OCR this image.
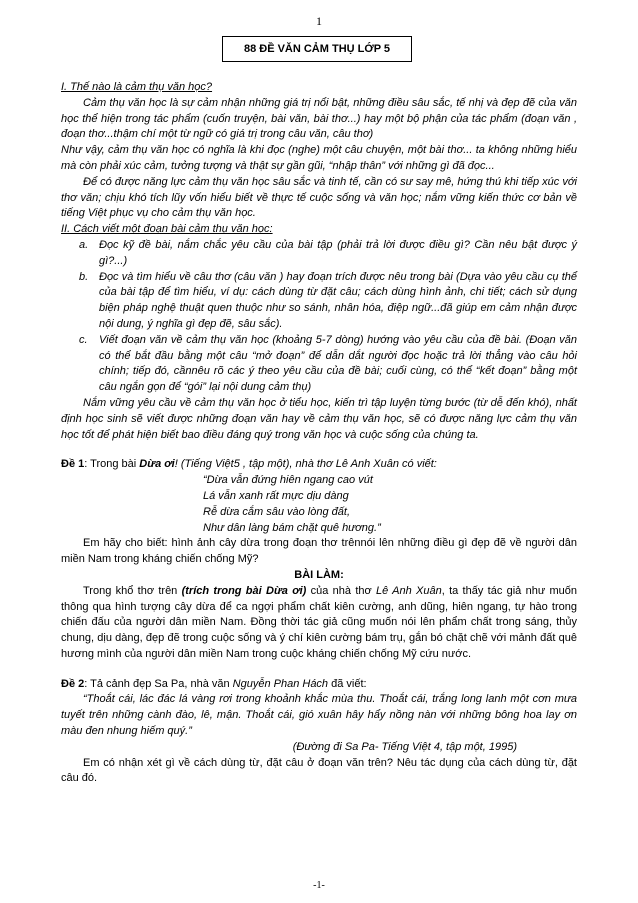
1
88 ĐỀ VĂN CẢM THỤ LỚP 5

I. Thế nào là cảm thụ văn học?

Cảm thụ văn học là sự cảm nhận những giá trị nổi bật, những điều sâu sắc, tế nhị và đẹp đẽ của văn học thể hiện trong tác phẩm (cuốn truyện, bài văn, bài thơ...) hay một bộ phận của tác phẩm (đoạn văn , đoạn thơ...thậm chí một từ ngữ có giá trị trong câu văn, câu thơ)

Như vậy, cảm thụ văn học có nghĩa là khi đọc (nghe) một câu chuyện, một bài thơ... ta không những hiểu mà còn phải xúc cảm, tưởng tượng và thật sự gần gũi, “nhập thân” với những gì đã đọc...

Để có được năng lực cảm thụ văn học sâu sắc và tinh tế, cần có sư say mê, hứng thú khi tiếp xúc với thơ văn; chịu khó tích lũy vốn hiểu biết về thực tế cuộc sống và văn học; nắm vững kiến thức cơ bản về tiếng Việt phục vụ cho cảm thụ văn học.

II. Cách viết một đoạn bài cảm thụ văn học:

a. Đọc kỹ đề bài, nắm chắc yêu cầu của bài tập (phải trả lời được điều gì? Cần nêu bật được ý gì?...)
b. Đọc và tìm hiểu về câu thơ (câu văn ) hay đoạn trích được nêu trong bài (Dựa vào yêu cầu cụ thể của bài tập để tìm hiểu, ví dụ: cách dùng từ đặt câu; cách dùng hình ảnh, chi tiết; cách sử dụng biện pháp nghệ thuật quen thuộc như so sánh, nhân hóa, điệp ngữ...đã giúp em cảm nhận được nội dung, ý nghĩa gì đẹp đẽ, sâu sắc).
c. Viết đoạn văn về cảm thụ văn học (khoảng 5-7 dòng) hướng vào yêu cầu của đề bài. (Đoạn văn có thể bắt đầu bằng một câu “mở đoạn” để dẫn dắt người đọc hoặc trả lời thẳng vào câu hỏi chính; tiếp đó, cầnnêu rõ các ý theo yêu cầu của đề bài; cuối cùng, có thể “kết đoạn” bằng một câu ngắn gọn để “gói” lại nội dung cảm thụ)

Nắm vững yêu cầu về cảm thụ văn học ở tiểu học, kiến trì tập luyện từng bước (từ dễ đến khó), nhất định học sinh sẽ viết được những đoạn văn hay về cảm thụ văn học, sẽ có được năng lực cảm thụ văn học tốt để phát hiện biết bao điều đáng quý trong văn học và cuộc sống của chúng ta.

Đề 1: Trong bài Dừa ơi! (Tiếng Việt5 , tập một), nhà thơ Lê Anh Xuân có viết:

“Dừa vẫn đứng hiên ngang cao vút
Lá vẫn xanh rất mực dịu dàng
Rễ dừa cắm sâu vào lòng đất,
Như dân làng bám chặt quê hương.”

Em hãy cho biết: hình ảnh cây dừa trong đoạn thơ trênnói lên những điều gì đẹp đẽ về người dân miền Nam trong kháng chiến chống Mỹ?

BÀI LÀM:

Trong khổ thơ trên (trích trong bài Dừa ơi) của nhà thơ Lê Anh Xuân, ta thấy tác giả như muốn thông qua hình tượng cây dừa để ca ngợi phẩm chất kiên cường, anh dũng, hiên ngang, tự hào trong chiến đấu của người dân miền Nam. Đồng thời tác giả cũng muốn nói lên phẩm chất trong sáng, thủy chung, dịu dàng, đẹp đẽ trong cuộc sống và ý chí kiên cường bám trụ, gắn bó chặt chẽ với mảnh đất quê hương mình của người dân miền Nam trong cuộc kháng chiến chống Mỹ cứu nước.

Đề 2: Tả cảnh đẹp Sa Pa, nhà văn Nguyễn Phan Hách đã viết:

“Thoắt cái, lác đác lá vàng rơi trong khoảnh khắc mùa thu. Thoắt cái, trắng long lanh một cơn mưa tuyết trên những cành đào, lê, mận. Thoắt cái, gió xuân hây hẩy nồng nàn với những bông hoa lay ơn màu đen nhung hiếm quý.”

(Đường đi Sa Pa- Tiếng Việt 4, tập một, 1995)

Em có nhận xét gì về cách dùng từ, đặt câu ở đoạn văn trên? Nêu tác dụng của cách dùng từ, đặt câu đó.

-1-
